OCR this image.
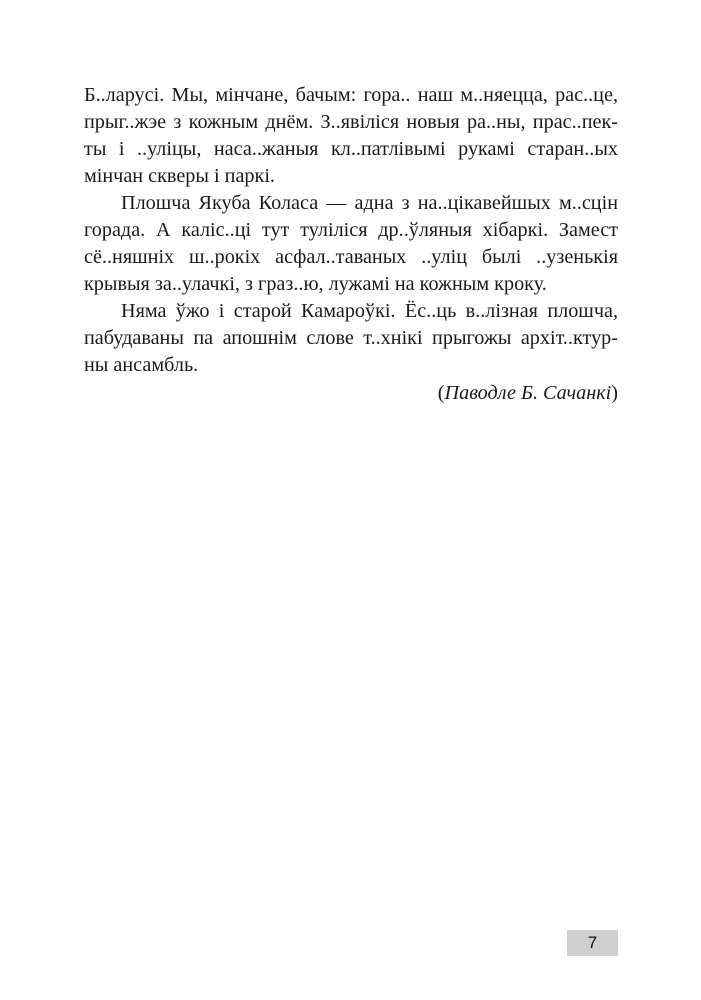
Б..ларусі. Мы, мінчане, бачым: гора.. наш м..няецца, рас..це,
прыг..жэе з кожным днём. З..явіліся новыя ра..ны, прас..пек-
ты і ..уліцы, наса..жаныя кл..патлівымі рукамі старан..ых
мінчан скверы і паркі.
Плошча Якуба Коласа — адна з на..цікавейшых м..сцін
горада. А каліс..ці тут туліліся др..ўляныя хібаркі. Замест
сё..няшніх ш..рокіх асфал..таваных ..уліц былі ..узенькія
крывыя за..улачкі, з граз..ю, лужамі на кожным кроку.
Няма ўжо і старой Камароўкі. Ёс..ць в..лізная плошча,
пабудаваны па апошнім слове т..хнікі прыгожы архіт..ктур-
ны ансамбль.
(Паводле Б. Сачанкі)
7
